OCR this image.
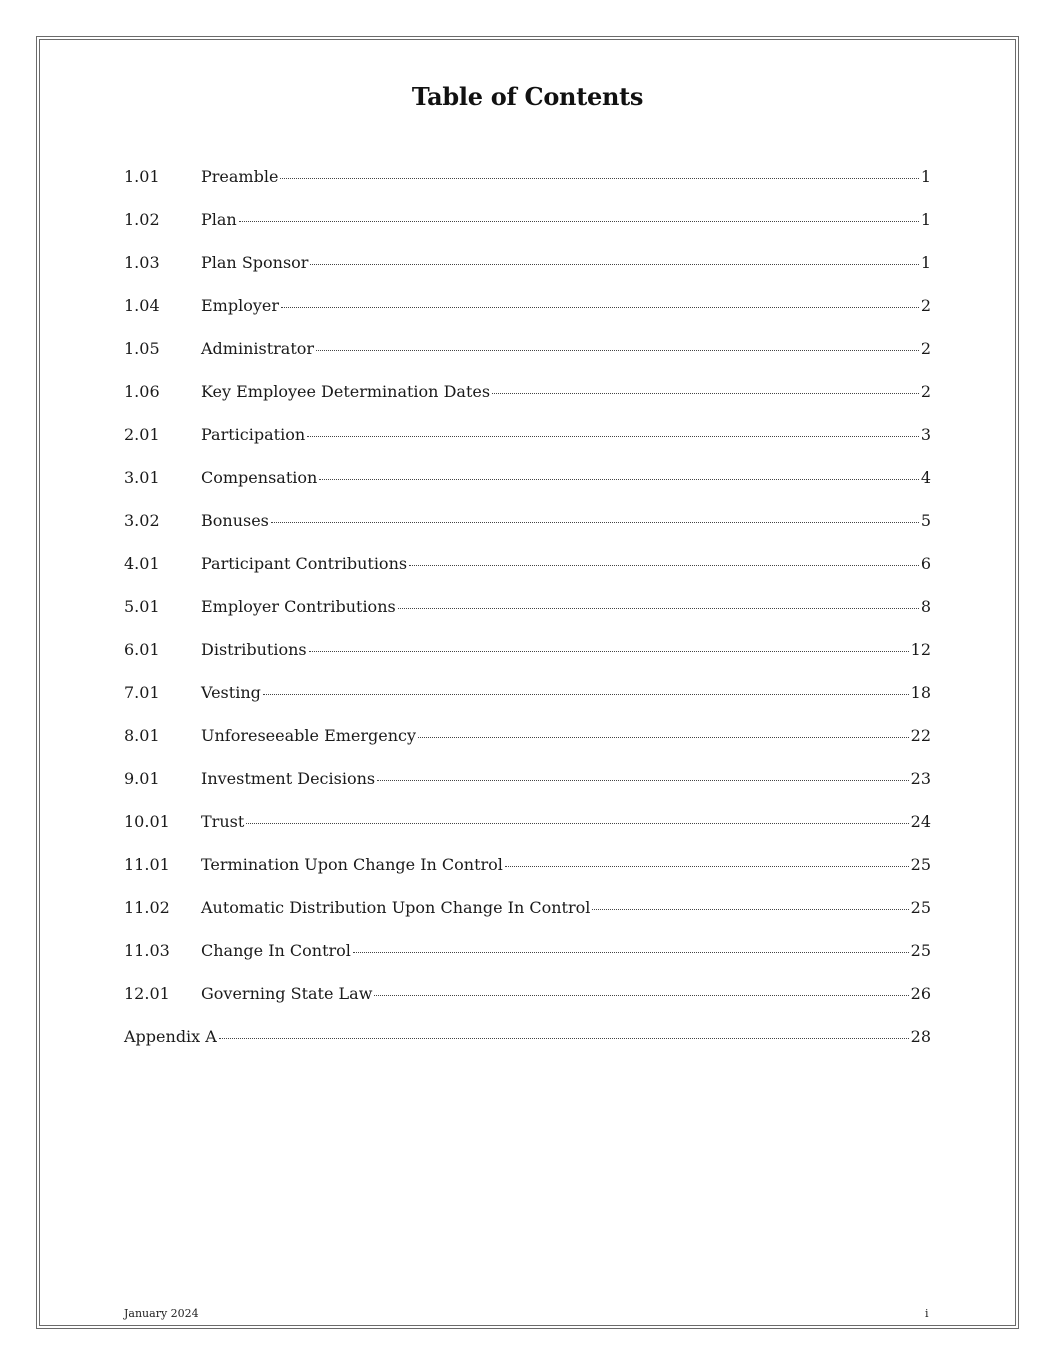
Table of Contents
1.01	Preamble	1
1.02	Plan	1
1.03	Plan Sponsor	1
1.04	Employer	2
1.05	Administrator	2
1.06	Key Employee Determination Dates	2
2.01	Participation	3
3.01	Compensation	4
3.02	Bonuses	5
4.01	Participant Contributions	6
5.01	Employer Contributions	8
6.01	Distributions	12
7.01	Vesting	18
8.01	Unforeseeable Emergency	22
9.01	Investment Decisions	23
10.01	Trust	24
11.01	Termination Upon Change In Control	25
11.02	Automatic Distribution Upon Change In Control	25
11.03	Change In Control	25
12.01	Governing State Law	26
Appendix A	28
January 2024	i
